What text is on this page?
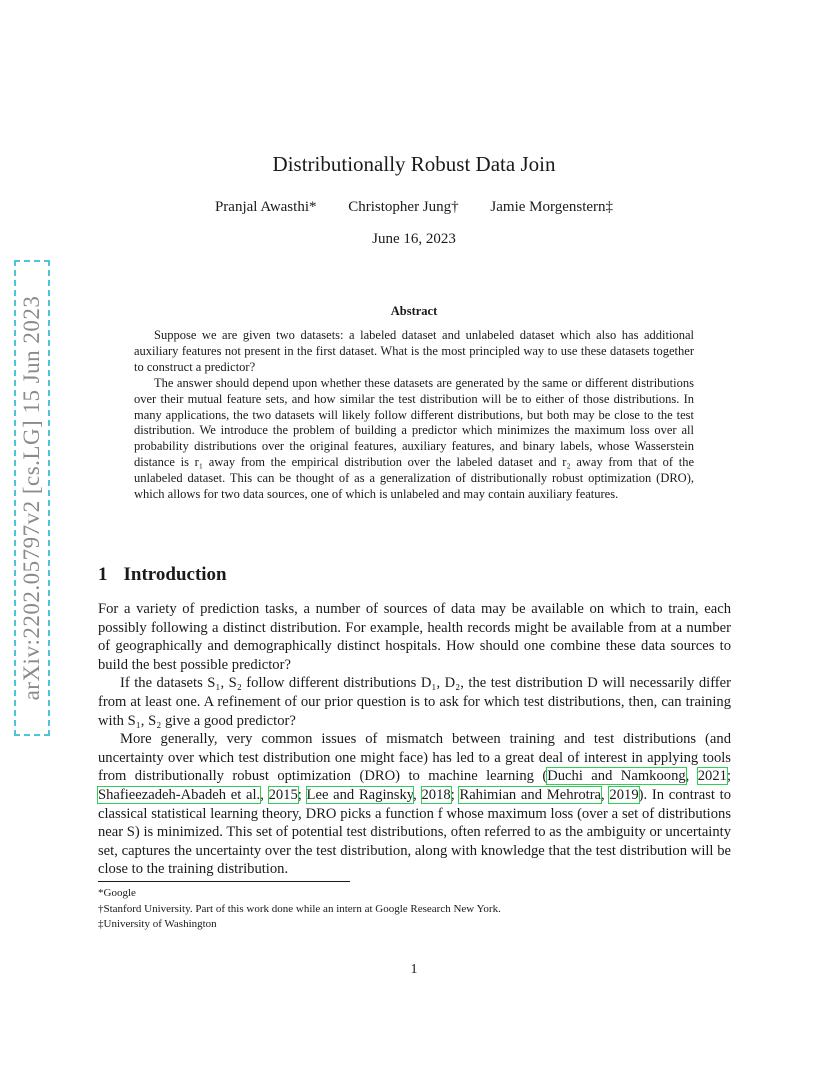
arXiv:2202.05797v2 [cs.LG] 15 Jun 2023
Distributionally Robust Data Join
Pranjal Awasthi* Christopher Jung† Jamie Morgenstern‡
June 16, 2023
Abstract

Suppose we are given two datasets: a labeled dataset and unlabeled dataset which also has additional auxiliary features not present in the first dataset. What is the most principled way to use these datasets together to construct a predictor?

The answer should depend upon whether these datasets are generated by the same or different distributions over their mutual feature sets, and how similar the test distribution will be to either of those distributions. In many applications, the two datasets will likely follow different distributions, but both may be close to the test distribution. We introduce the problem of building a predictor which minimizes the maximum loss over all probability distributions over the original features, auxiliary features, and binary labels, whose Wasserstein distance is r₁ away from the empirical distribution over the labeled dataset and r₂ away from that of the unlabeled dataset. This can be thought of as a generalization of distributionally robust optimization (DRO), which allows for two data sources, one of which is unlabeled and may contain auxiliary features.

1 Introduction

For a variety of prediction tasks, a number of sources of data may be available on which to train, each possibly following a distinct distribution. For example, health records might be available from at a number of geographically and demographically distinct hospitals. How should one combine these data sources to build the best possible predictor?

If the datasets S₁, S₂ follow different distributions D₁, D₂, the test distribution D will necessarily differ from at least one. A refinement of our prior question is to ask for which test distributions, then, can training with S₁, S₂ give a good predictor?

More generally, very common issues of mismatch between training and test distributions (and uncertainty over which test distribution one might face) has led to a great deal of interest in applying tools from distributionally robust optimization (DRO) to machine learning (Duchi and Namkoong, 2021; Shafieezadeh-Abadeh et al., 2015; Lee and Raginsky, 2018; Rahimian and Mehrotra, 2019). In contrast to classical statistical learning theory, DRO picks a function f whose maximum loss (over a set of distributions near S) is minimized. This set of potential test distributions, often referred to as the ambiguity or uncertainty set, captures the uncertainty over the test distribution, along with knowledge that the test distribution will be close to the training distribution.

*Google
†Stanford University. Part of this work done while an intern at Google Research New York.
‡University of Washington
1
